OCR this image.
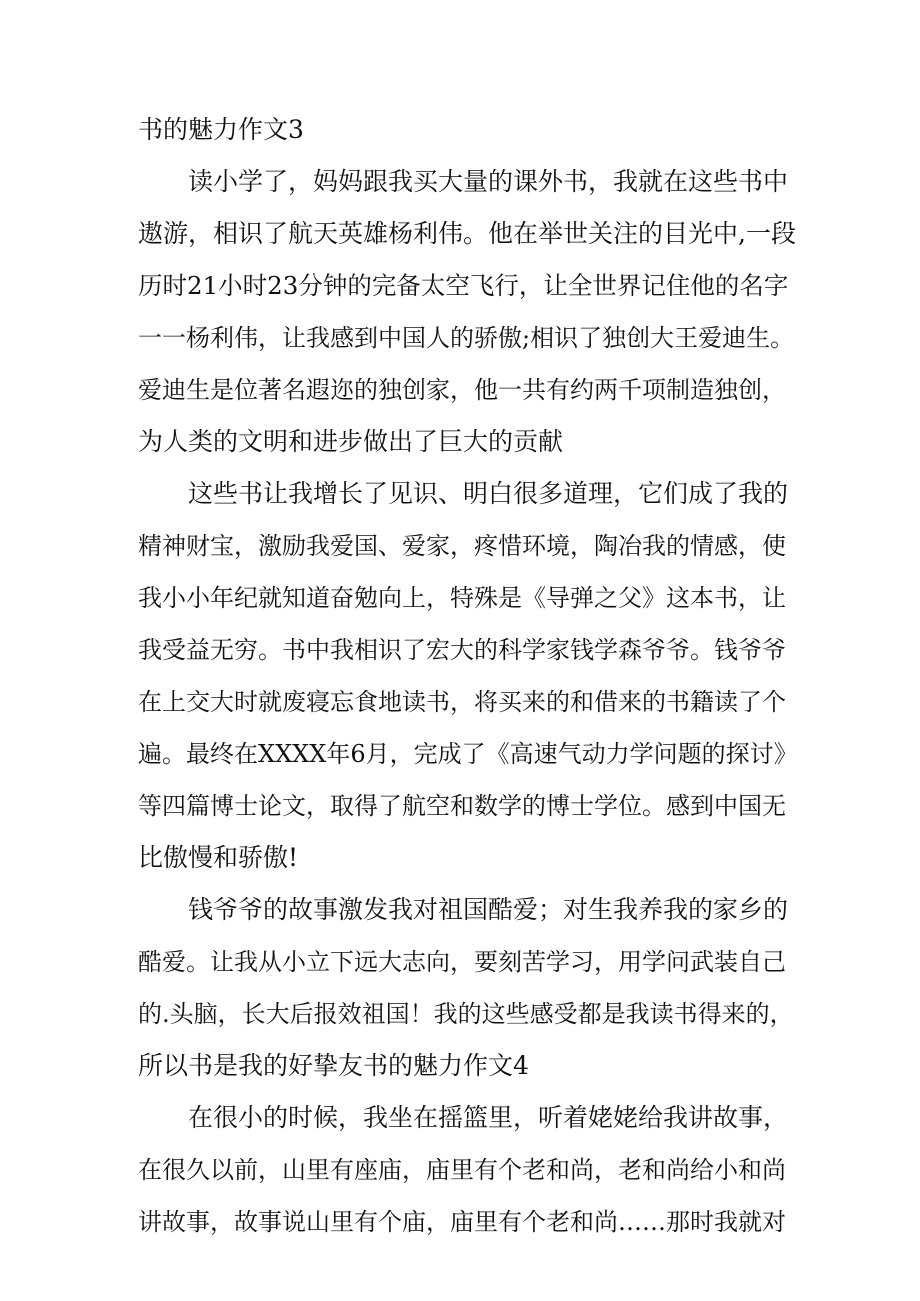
书的魅力作文3
读小学了，妈妈跟我买大量的课外书，我就在这些书中
遨游，相识了航天英雄杨利伟。他在举世关注的目光中,一段
历时21小时23分钟的完备太空飞行，让全世界记住他的名字
一一杨利伟，让我感到中国人的骄傲;相识了独创大王爱迪生。
爱迪生是位著名遐迩的独创家，他一共有约两千项制造独创，
为人类的文明和进步做出了巨大的贡献
这些书让我增长了见识、明白很多道理，它们成了我的
精神财宝，激励我爱国、爱家，疼惜环境，陶冶我的情感，使
我小小年纪就知道奋勉向上，特殊是《导弹之父》这本书，让
我受益无穷。书中我相识了宏大的科学家钱学森爷爷。钱爷爷
在上交大时就废寝忘食地读书，将买来的和借来的书籍读了个
遍。最终在XXXX年6月，完成了《高速气动力学问题的探讨》
等四篇博士论文，取得了航空和数学的博士学位。感到中国无
比傲慢和骄傲!
钱爷爷的故事激发我对祖国酷爱；对生我养我的家乡的
酷爱。让我从小立下远大志向，要刻苦学习，用学问武装自己
的.头脑，长大后报效祖国！我的这些感受都是我读书得来的，
所以书是我的好挚友书的魅力作文4
在很小的时候，我坐在摇篮里，听着姥姥给我讲故事，
在很久以前，山里有座庙，庙里有个老和尚，老和尚给小和尚
讲故事，故事说山里有个庙，庙里有个老和尚……那时我就对
